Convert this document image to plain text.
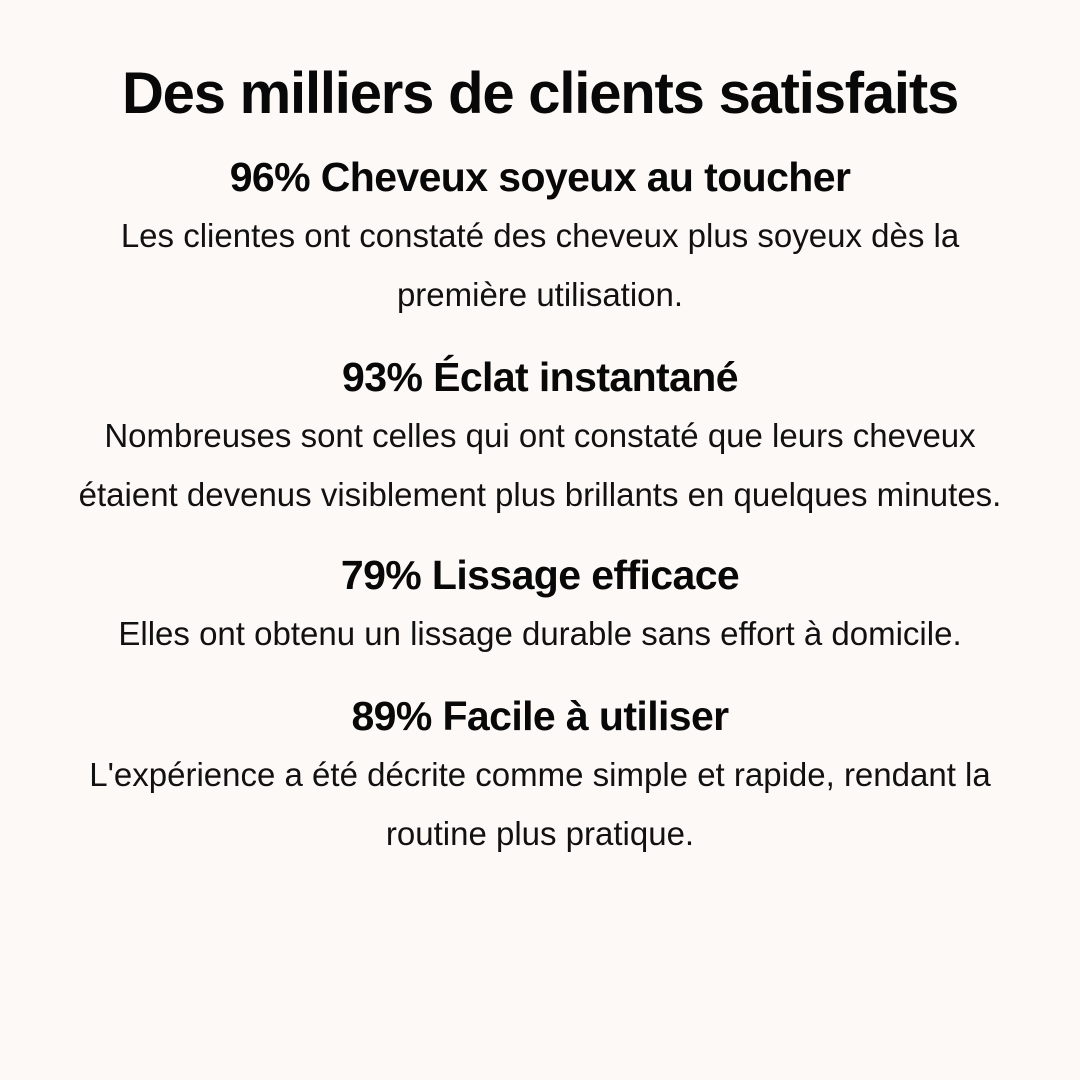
Des milliers de clients satisfaits
96% Cheveux soyeux au toucher

Les clientes ont constaté des cheveux plus soyeux dès la première utilisation.

93% Éclat instantané

Nombreuses sont celles qui ont constaté que leurs cheveux étaient devenus visiblement plus brillants en quelques minutes.

79% Lissage efficace

Elles ont obtenu un lissage durable sans effort à domicile.

89% Facile à utiliser

L'expérience a été décrite comme simple et rapide, rendant la routine plus pratique.
